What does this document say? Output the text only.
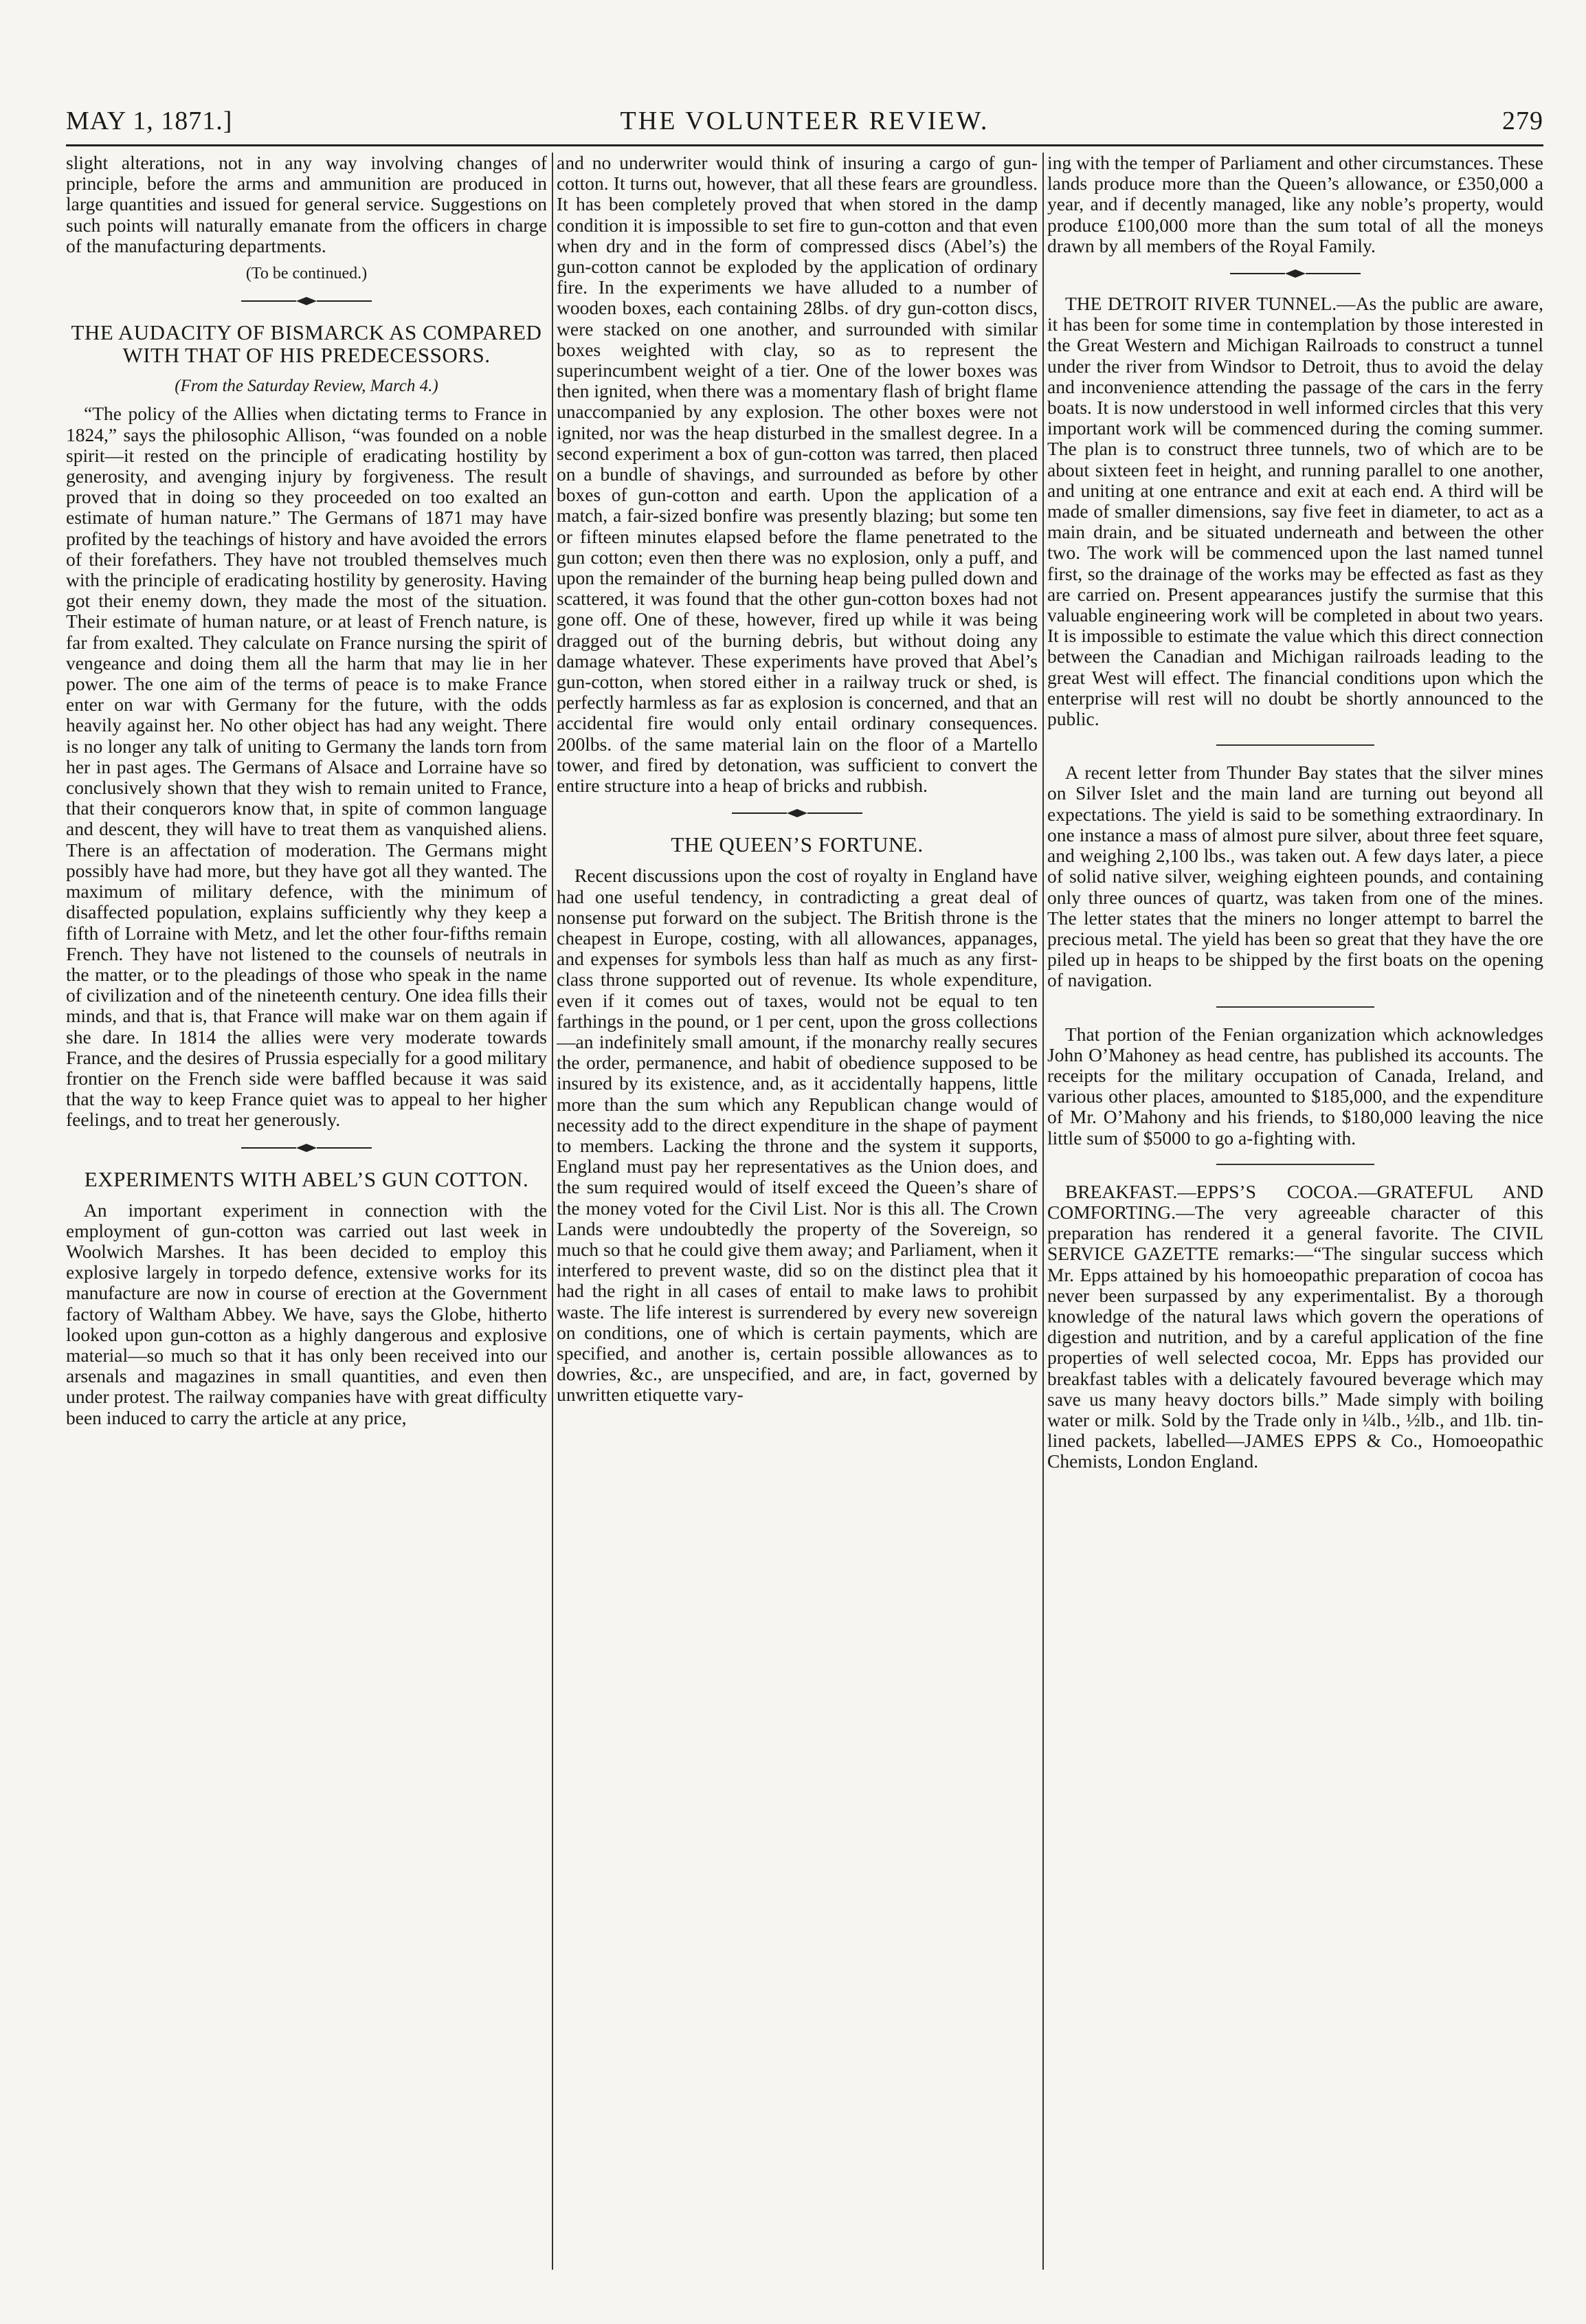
MAY 1, 1871.]	THE VOLUNTEER REVIEW.	279

slight alterations, not in any way involving changes of principle, before the arms and ammunition are produced in large quantities and issued for general service. Suggestions on such points will naturally emanate from the officers in charge of the manufacturing departments.

(To be continued.)

THE AUDACITY OF BISMARCK AS COMPARED WITH THAT OF HIS PREDECESSORS.

(From the Saturday Review, March 4.)

“The policy of the Allies when dictating terms to France in 1824,” says the philosophic Allison, “was founded on a noble spirit—it rested on the principle of eradicating hostility by generosity, and avenging injury by forgiveness. The result proved that in doing so they proceeded on too exalted an estimate of human nature.” The Germans of 1871 may have profited by the teachings of history and have avoided the errors of their forefathers. They have not troubled themselves much with the principle of eradicating hostility by generosity. Having got their enemy down, they made the most of the situation. Their estimate of human nature, or at least of French nature, is far from exalted. They calculate on France nursing the spirit of vengeance and doing them all the harm that may lie in her power. The one aim of the terms of peace is to make France enter on war with Germany for the future, with the odds heavily against her. No other object has had any weight. There is no longer any talk of uniting to Germany the lands torn from her in past ages. The Germans of Alsace and Lorraine have so conclusively shown that they wish to remain united to France, that their conquerors know that, in spite of common language and descent, they will have to treat them as vanquished aliens. There is an affectation of moderation. The Germans might possibly have had more, but they have got all they wanted. The maximum of military defence, with the minimum of disaffected population, explains sufficiently why they keep a fifth of Lorraine with Metz, and let the other four-fifths remain French. They have not listened to the counsels of neutrals in the matter, or to the pleadings of those who speak in the name of civilization and of the nineteenth century. One idea fills their minds, and that is, that France will make war on them again if she dare. In 1814 the allies were very moderate towards France, and the desires of Prussia especially for a good military frontier on the French side were baffled because it was said that the way to keep France quiet was to appeal to her higher feelings, and to treat her generously.

EXPERIMENTS WITH ABEL’S GUN COTTON.

An important experiment in connection with the employment of gun-cotton was carried out last week in Woolwich Marshes. It has been decided to employ this explosive largely in torpedo defence, extensive works for its manufacture are now in course of erection at the Government factory of Waltham Abbey. We have, says the Globe, hitherto looked upon gun-cotton as a highly dangerous and explosive material—so much so that it has only been received into our arsenals and magazines in small quantities, and even then under protest. The railway companies have with great difficulty been induced to carry the article at any price,

and no underwriter would think of insuring a cargo of gun-cotton. It turns out, however, that all these fears are groundless. It has been completely proved that when stored in the damp condition it is impossible to set fire to gun-cotton and that even when dry and in the form of compressed discs (Abel’s) the gun-cotton cannot be exploded by the application of ordinary fire. In the experiments we have alluded to a number of wooden boxes, each containing 28lbs. of dry gun-cotton discs, were stacked on one another, and surrounded with similar boxes weighted with clay, so as to represent the superincumbent weight of a tier. One of the lower boxes was then ignited, when there was a momentary flash of bright flame unaccompanied by any explosion. The other boxes were not ignited, nor was the heap disturbed in the smallest degree. In a second experiment a box of gun-cotton was tarred, then placed on a bundle of shavings, and surrounded as before by other boxes of gun-cotton and earth. Upon the application of a match, a fair-sized bonfire was presently blazing; but some ten or fifteen minutes elapsed before the flame penetrated to the gun cotton; even then there was no explosion, only a puff, and upon the remainder of the burning heap being pulled down and scattered, it was found that the other gun-cotton boxes had not gone off. One of these, however, fired up while it was being dragged out of the burning debris, but without doing any damage whatever. These experiments have proved that Abel’s gun-cotton, when stored either in a railway truck or shed, is perfectly harmless as far as explosion is concerned, and that an accidental fire would only entail ordinary consequences. 200lbs. of the same material lain on the floor of a Martello tower, and fired by detonation, was sufficient to convert the entire structure into a heap of bricks and rubbish.

THE QUEEN’S FORTUNE.

Recent discussions upon the cost of royalty in England have had one useful tendency, in contradicting a great deal of nonsense put forward on the subject. The British throne is the cheapest in Europe, costing, with all allowances, appanages, and expenses for symbols less than half as much as any first-class throne supported out of revenue. Its whole expenditure, even if it comes out of taxes, would not be equal to ten farthings in the pound, or 1 per cent, upon the gross collections—an indefinitely small amount, if the monarchy really secures the order, permanence, and habit of obedience supposed to be insured by its existence, and, as it accidentally happens, little more than the sum which any Republican change would of necessity add to the direct expenditure in the shape of payment to members. Lacking the throne and the system it supports, England must pay her representatives as the Union does, and the sum required would of itself exceed the Queen’s share of the money voted for the Civil List. Nor is this all. The Crown Lands were undoubtedly the property of the Sovereign, so much so that he could give them away; and Parliament, when it interfered to prevent waste, did so on the distinct plea that it had the right in all cases of entail to make laws to prohibit waste. The life interest is surrendered by every new sovereign on conditions, one of which is certain payments, which are specified, and another is, certain possible allowances as to dowries, &c., are unspecified, and are, in fact, governed by unwritten etiquette vary-

ing with the temper of Parliament and other circumstances. These lands produce more than the Queen’s allowance, or £350,000 a year, and if decently managed, like any noble’s property, would produce £100,000 more than the sum total of all the moneys drawn by all members of the Royal Family.

THE DETROIT RIVER TUNNEL.—As the public are aware, it has been for some time in contemplation by those interested in the Great Western and Michigan Railroads to construct a tunnel under the river from Windsor to Detroit, thus to avoid the delay and inconvenience attending the passage of the cars in the ferry boats. It is now understood in well informed circles that this very important work will be commenced during the coming summer. The plan is to construct three tunnels, two of which are to be about sixteen feet in height, and running parallel to one another, and uniting at one entrance and exit at each end. A third will be made of smaller dimensions, say five feet in diameter, to act as a main drain, and be situated underneath and between the other two. The work will be commenced upon the last named tunnel first, so the drainage of the works may be effected as fast as they are carried on. Present appearances justify the surmise that this valuable engineering work will be completed in about two years. It is impossible to estimate the value which this direct connection between the Canadian and Michigan railroads leading to the great West will effect. The financial conditions upon which the enterprise will rest will no doubt be shortly announced to the public.

A recent letter from Thunder Bay states that the silver mines on Silver Islet and the main land are turning out beyond all expectations. The yield is said to be something extraordinary. In one instance a mass of almost pure silver, about three feet square, and weighing 2,100 lbs., was taken out. A few days later, a piece of solid native silver, weighing eighteen pounds, and containing only three ounces of quartz, was taken from one of the mines. The letter states that the miners no longer attempt to barrel the precious metal. The yield has been so great that they have the ore piled up in heaps to be shipped by the first boats on the opening of navigation.

That portion of the Fenian organization which acknowledges John O’Mahoney as head centre, has published its accounts. The receipts for the military occupation of Canada, Ireland, and various other places, amounted to $185,000, and the expenditure of Mr. O’Mahony and his friends, to $180,000 leaving the nice little sum of $5000 to go a-fighting with.

BREAKFAST.—EPPS’S COCOA.—GRATEFUL AND COMFORTING.—The very agreeable character of this preparation has rendered it a general favorite. The CIVIL SERVICE GAZETTE remarks:—“The singular success which Mr. Epps attained by his homoeopathic preparation of cocoa has never been surpassed by any experimentalist. By a thorough knowledge of the natural laws which govern the operations of digestion and nutrition, and by a careful application of the fine properties of well selected cocoa, Mr. Epps has provided our breakfast tables with a delicately favoured beverage which may save us many heavy doctors bills.” Made simply with boiling water or milk. Sold by the Trade only in ¼lb., ½lb., and 1lb. tin-lined packets, labelled—JAMES EPPS & Co., Homoeopathic Chemists, London England.
